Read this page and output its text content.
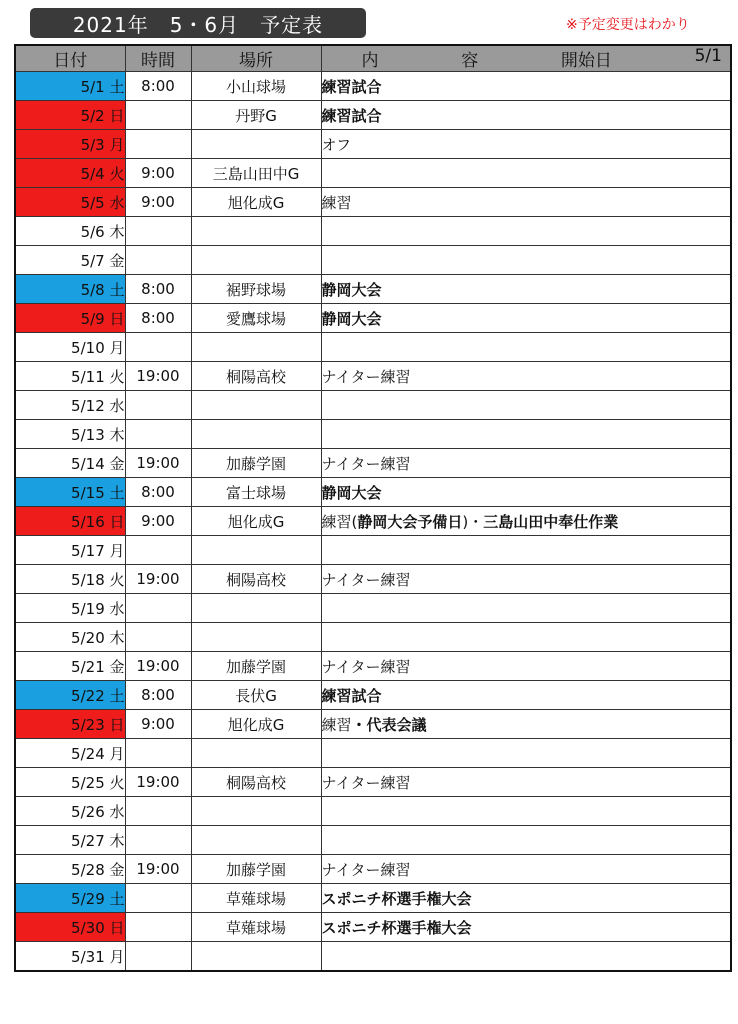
2021年　5・6月　予定表	※予定変更はわかり
日付	時間	場所	内 容 開始日 5/1

5/1 土	8:00	小山球場	練習試合
5/2 日		丹野G	練習試合
5/3 月			オフ
5/4 火	9:00	三島山田中G	
5/5 水	9:00	旭化成G	練習
5/6 木			
5/7 金			
5/8 土	8:00	裾野球場	静岡大会
5/9 日	8:00	愛鷹球場	静岡大会
5/10 月			
5/11 火	19:00	桐陽高校	ナイター練習
5/12 水			
5/13 木			
5/14 金	19:00	加藤学園	ナイター練習
5/15 土	8:00	富士球場	静岡大会
5/16 日	9:00	旭化成G	練習(静岡大会予備日)・三島山田中奉仕作業
5/17 月			
5/18 火	19:00	桐陽高校	ナイター練習
5/19 水			
5/20 木			
5/21 金	19:00	加藤学園	ナイター練習
5/22 土	8:00	長伏G	練習試合
5/23 日	9:00	旭化成G	練習・代表会議
5/24 月			
5/25 火	19:00	桐陽高校	ナイター練習
5/26 水			
5/27 木			
5/28 金	19:00	加藤学園	ナイター練習
5/29 土		草薙球場	スポニチ杯選手権大会
5/30 日		草薙球場	スポニチ杯選手権大会
5/31 月			
